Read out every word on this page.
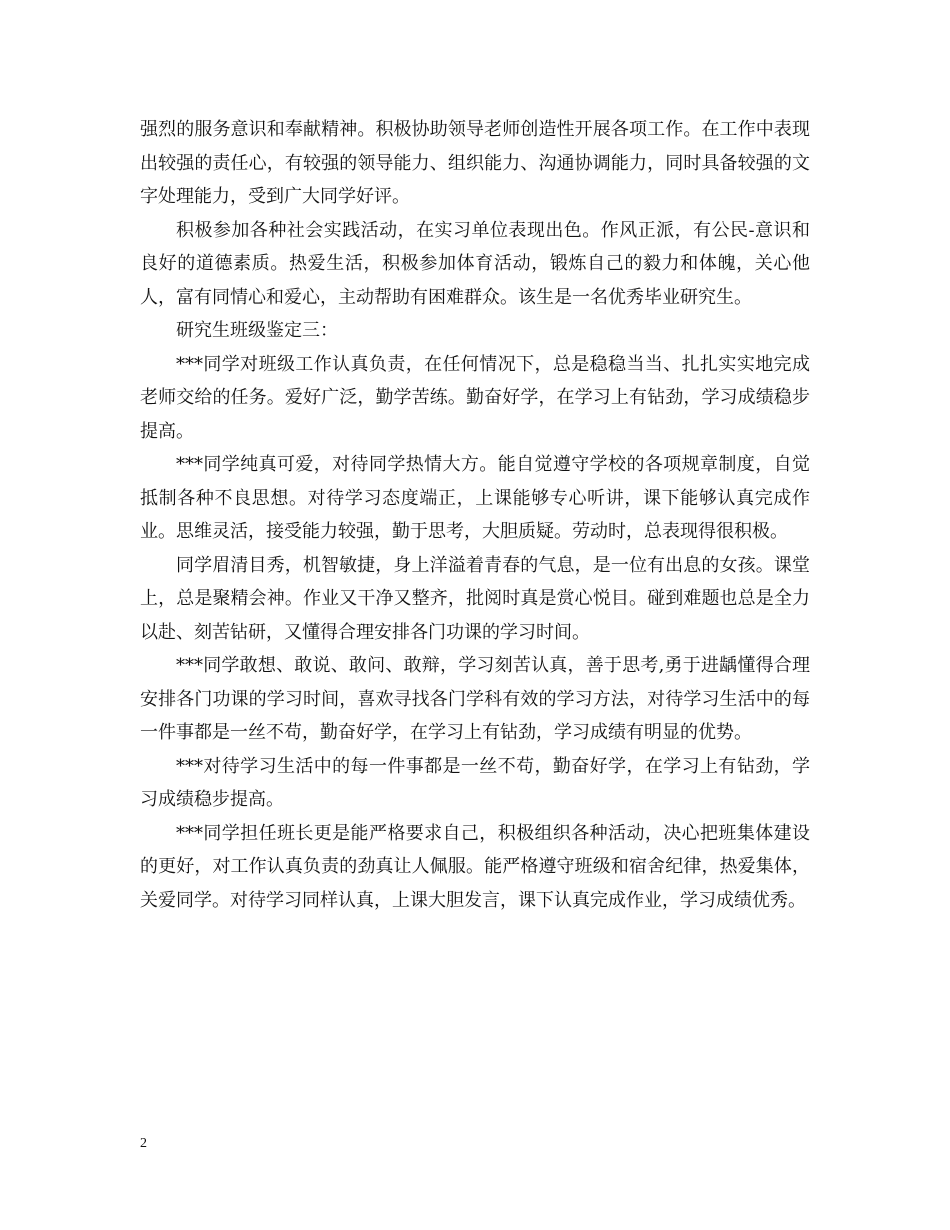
强烈的服务意识和奉献精神。积极协助领导老师创造性开展各项工作。在工作中表现出较强的责任心，有较强的领导能力、组织能力、沟通协调能力，同时具备较强的文字处理能力，受到广大同学好评。

积极参加各种社会实践活动，在实习单位表现出色。作风正派，有公民-意识和良好的道德素质。热爱生活，积极参加体育活动，锻炼自己的毅力和体魄，关心他人，富有同情心和爱心，主动帮助有困难群众。该生是一名优秀毕业研究生。

研究生班级鉴定三：

***同学对班级工作认真负责，在任何情况下，总是稳稳当当、扎扎实实地完成老师交给的任务。爱好广泛，勤学苦练。勤奋好学，在学习上有钻劲，学习成绩稳步提高。

***同学纯真可爱，对待同学热情大方。能自觉遵守学校的各项规章制度，自觉抵制各种不良思想。对待学习态度端正，上课能够专心听讲，课下能够认真完成作业。思维灵活，接受能力较强，勤于思考，大胆质疑。劳动时，总表现得很积极。

同学眉清目秀，机智敏捷，身上洋溢着青春的气息，是一位有出息的女孩。课堂上，总是聚精会神。作业又干净又整齐，批阅时真是赏心悦目。碰到难题也总是全力以赴、刻苦钻研，又懂得合理安排各门功课的学习时间。

***同学敢想、敢说、敢问、敢辩，学习刻苦认真，善于思考,勇于进龋懂得合理安排各门功课的学习时间，喜欢寻找各门学科有效的学习方法，对待学习生活中的每一件事都是一丝不苟，勤奋好学，在学习上有钻劲，学习成绩有明显的优势。

***对待学习生活中的每一件事都是一丝不苟，勤奋好学，在学习上有钻劲，学习成绩稳步提高。

***同学担任班长更是能严格要求自己，积极组织各种活动，决心把班集体建设的更好，对工作认真负责的劲真让人佩服。能严格遵守班级和宿舍纪律，热爱集体，关爱同学。对待学习同样认真，上课大胆发言，课下认真完成作业，学习成绩优秀。

2
